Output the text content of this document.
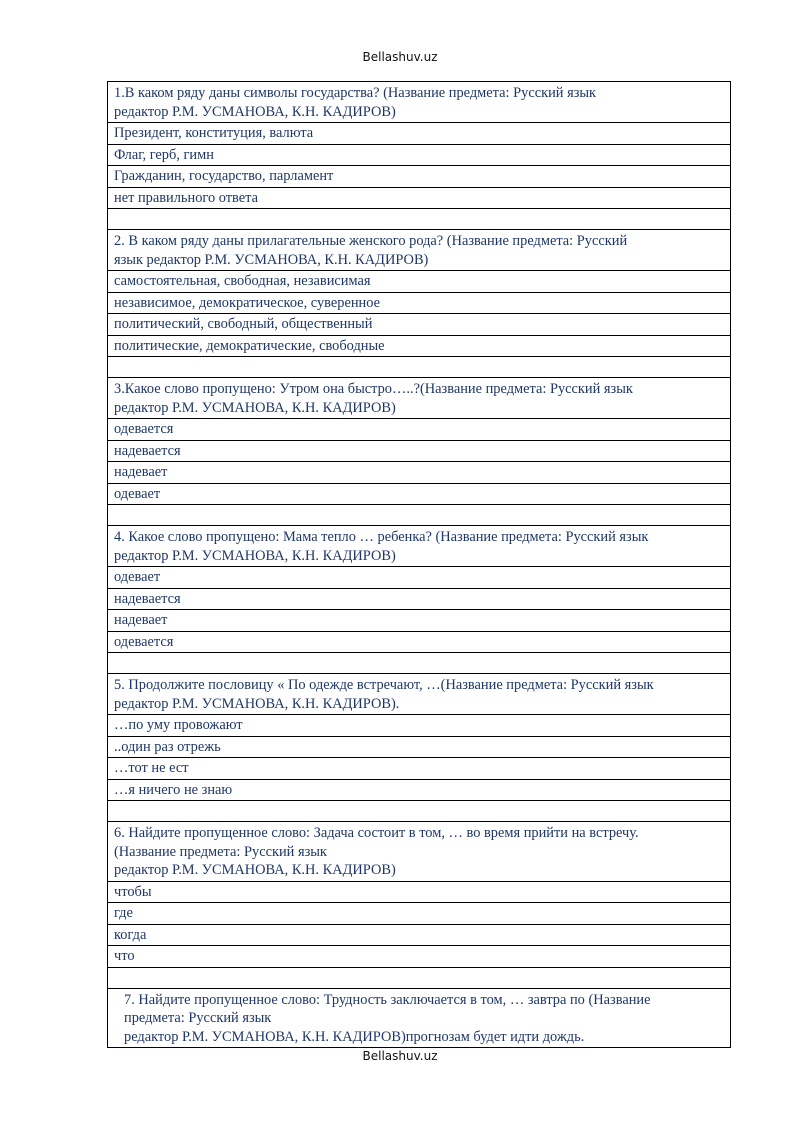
Bellashuv.uz
1.В каком ряду даны символы государства? (Название предмета: Русский язык
редактор Р.М. УСМАНОВА, К.Н. КАДИРОВ)
Президент, конституция, валюта
Флаг, герб, гимн
Гражданин, государство, парламент
нет правильного ответа

2. В каком ряду даны прилагательные женского рода? (Название предмета: Русский
язык редактор Р.М. УСМАНОВА, К.Н. КАДИРОВ)
самостоятельная, свободная, независимая
независимое, демократическое, суверенное
политический, свободный, общественный
политические, демократические, свободные

3.Какое слово пропущено: Утром она быстро…..?(Название предмета: Русский язык
редактор Р.М. УСМАНОВА, К.Н. КАДИРОВ)
одевается
надевается
надевает
одевает

4. Какое слово пропущено: Мама тепло … ребенка? (Название предмета: Русский язык
редактор Р.М. УСМАНОВА, К.Н. КАДИРОВ)
одевает
надевается
надевает
одевается

5. Продолжите пословицу « По одежде встречают, …(Название предмета: Русский язык
редактор Р.М. УСМАНОВА, К.Н. КАДИРОВ).
…по уму провожают
..один раз отрежь
…тот не ест
…я ничего не знаю

6. Найдите пропущенное слово: Задача состоит в том, … во время прийти на встречу.
(Название предмета: Русский язык
редактор Р.М. УСМАНОВА, К.Н. КАДИРОВ)
чтобы
где
когда
что

7. Найдите пропущенное слово: Трудность заключается в том, … завтра по (Название
предмета: Русский язык
редактор Р.М. УСМАНОВА, К.Н. КАДИРОВ)прогнозам будет идти дождь.
Bellashuv.uz
